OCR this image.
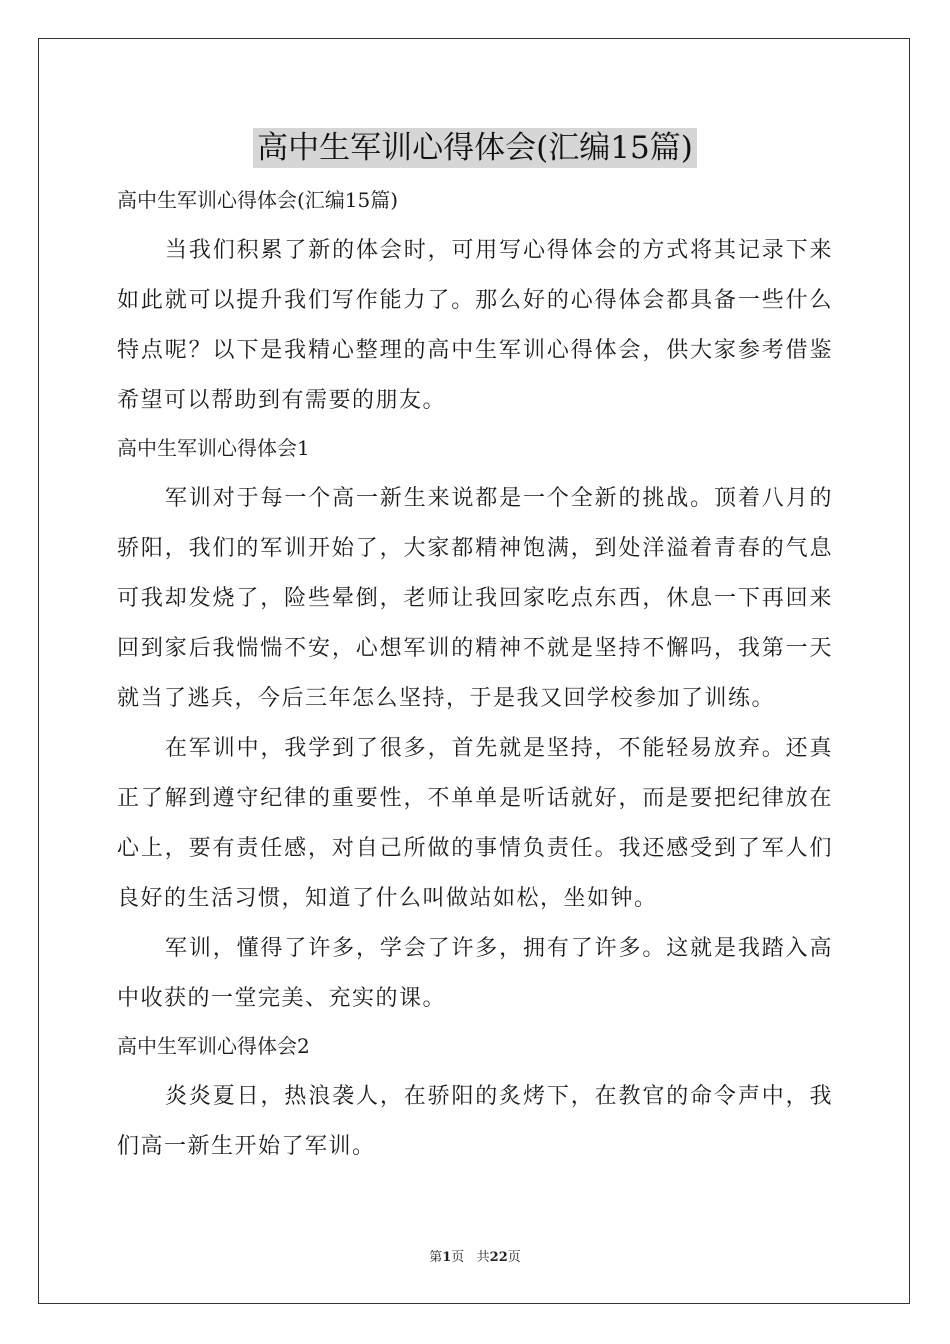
高中生军训心得体会(汇编15篇)

高中生军训心得体会(汇编15篇)

当我们积累了新的体会时，可用写心得体会的方式将其记录下来如此就可以提升我们写作能力了。那么好的心得体会都具备一些什么特点呢？以下是我精心整理的高中生军训心得体会，供大家参考借鉴希望可以帮助到有需要的朋友。

高中生军训心得体会1

军训对于每一个高一新生来说都是一个全新的挑战。顶着八月的骄阳，我们的军训开始了，大家都精神饱满，到处洋溢着青春的气息可我却发烧了，险些晕倒，老师让我回家吃点东西，休息一下再回来回到家后我惴惴不安，心想军训的精神不就是坚持不懈吗，我第一天就当了逃兵，今后三年怎么坚持，于是我又回学校参加了训练。

在军训中，我学到了很多，首先就是坚持，不能轻易放弃。还真正了解到遵守纪律的重要性，不单单是听话就好，而是要把纪律放在心上，要有责任感，对自己所做的事情负责任。我还感受到了军人们良好的生活习惯，知道了什么叫做站如松，坐如钟。

军训，懂得了许多，学会了许多，拥有了许多。这就是我踏入高中收获的一堂完美、充实的课。

高中生军训心得体会2

炎炎夏日，热浪袭人，在骄阳的炙烤下，在教官的命令声中，我们高一新生开始了军训。

第1页   共22页
